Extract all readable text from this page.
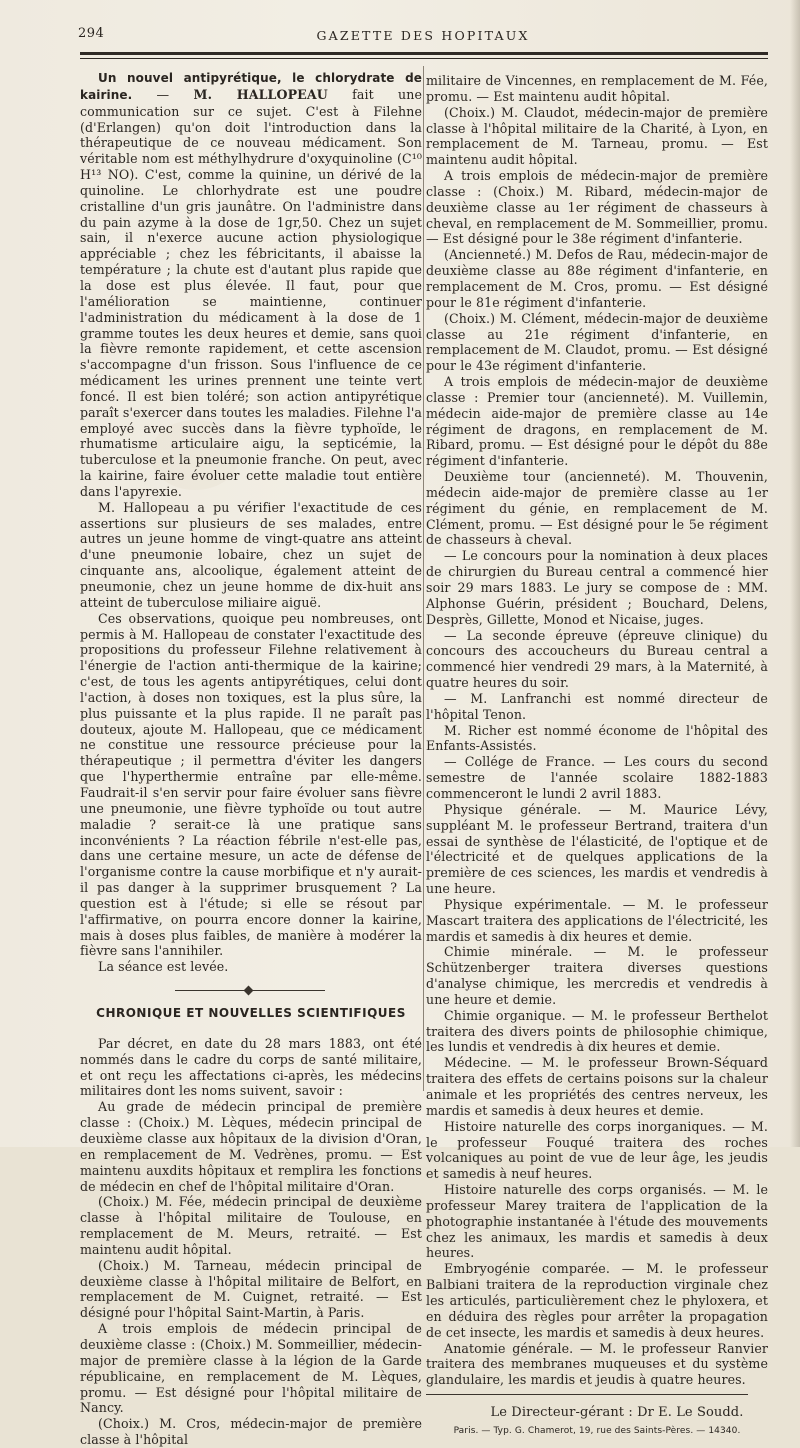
294	GAZETTE DES HOPITAUX

Un nouvel antipyrétique, le chlorydrate de kairine. — M. HALLOPEAU fait une communication sur ce sujet. C'est à Filehne (d'Erlangen) qu'on doit l'introduction dans la thérapeutique de ce nouveau médicament. Son véritable nom est méthylhydrure d'oxyquinoline (C¹⁰ H¹³ NO). C'est, comme la quinine, un dérivé de la quinoline. Le chlorhydrate est une poudre cristalline d'un gris jaunâtre. On l'administre dans du pain azyme à la dose de 1gr,50. Chez un sujet sain, il n'exerce aucune action physiologique appréciable ; chez les fébricitants, il abaisse la température ; la chute est d'autant plus rapide que la dose est plus élevée. Il faut, pour que l'amélioration se maintienne, continuer l'administration du médicament à la dose de 1 gramme toutes les deux heures et demie, sans quoi la fièvre remonte rapidement, et cette ascension s'accompagne d'un frisson. Sous l'influence de ce médicament les urines prennent une teinte vert foncé. Il est bien toléré; son action antipyrétique paraît s'exercer dans toutes les maladies. Filehne l'a employé avec succès dans la fièvre typhoïde, le rhumatisme articulaire aigu, la septicémie, la tuberculose et la pneumonie franche. On peut, avec la kairine, faire évoluer cette maladie tout entière dans l'apyrexie.

M. Hallopeau a pu vérifier l'exactitude de ces assertions sur plusieurs de ses malades, entre autres un jeune homme de vingt-quatre ans atteint d'une pneumonie lobaire, chez un sujet de cinquante ans, alcoolique, également atteint de pneumonie, chez un jeune homme de dix-huit ans atteint de tuberculose miliaire aiguë.

Ces observations, quoique peu nombreuses, ont permis à M. Hallopeau de constater l'exactitude des propositions du professeur Filehne relativement à l'énergie de l'action anti-thermique de la kairine; c'est, de tous les agents antipyrétiques, celui dont l'action, à doses non toxiques, est la plus sûre, la plus puissante et la plus rapide. Il ne paraît pas douteux, ajoute M. Hallopeau, que ce médicament ne constitue une ressource précieuse pour la thérapeutique ; il permettra d'éviter les dangers que l'hyperthermie entraîne par elle-même. Faudrait-il s'en servir pour faire évoluer sans fièvre une pneumonie, une fièvre typhoïde ou tout autre maladie ? serait-ce là une pratique sans inconvénients ? La réaction fébrile n'est-elle pas, dans une certaine mesure, un acte de défense de l'organisme contre la cause morbifique et n'y aurait-il pas danger à la supprimer brusquement ? La question est à l'étude; si elle se résout par l'affirmative, on pourra encore donner la kairine, mais à doses plus faibles, de manière à modérer la fièvre sans l'annihiler.

La séance est levée.

CHRONIQUE ET NOUVELLES SCIENTIFIQUES

Par décret, en date du 28 mars 1883, ont été nommés dans le cadre du corps de santé militaire, et ont reçu les affectations ci-après, les médecins militaires dont les noms suivent, savoir :

Au grade de médecin principal de première classe : (Choix.) M. Lèques, médecin principal de deuxième classe aux hôpitaux de la division d'Oran, en remplacement de M. Vedrènes, promu. — Est maintenu auxdits hôpitaux et remplira les fonctions de médecin en chef de l'hôpital militaire d'Oran.

(Choix.) M. Fée, médecin principal de deuxième classe à l'hôpital militaire de Toulouse, en remplacement de M. Meurs, retraité. — Est maintenu audit hôpital.

(Choix.) M. Tarneau, médecin principal de deuxième classe à l'hôpital militaire de Belfort, en remplacement de M. Cuignet, retraité. — Est désigné pour l'hôpital Saint-Martin, à Paris.

A trois emplois de médecin principal de deuxième classe : (Choix.) M. Sommeillier, médecin-major de première classe à la légion de la Garde républicaine, en remplacement de M. Lèques, promu. — Est désigné pour l'hôpital militaire de Nancy.

(Choix.) M. Cros, médecin-major de première classe à l'hôpital

militaire de Vincennes, en remplacement de M. Fée, promu. — Est maintenu audit hôpital.

(Choix.) M. Claudot, médecin-major de première classe à l'hôpital militaire de la Charité, à Lyon, en remplacement de M. Tarneau, promu. — Est maintenu audit hôpital.

A trois emplois de médecin-major de première classe : (Choix.) M. Ribard, médecin-major de deuxième classe au 1er régiment de chasseurs à cheval, en remplacement de M. Sommeillier, promu. — Est désigné pour le 38e régiment d'infanterie.

(Ancienneté.) M. Defos de Rau, médecin-major de deuxième classe au 88e régiment d'infanterie, en remplacement de M. Cros, promu. — Est désigné pour le 81e régiment d'infanterie.

(Choix.) M. Clément, médecin-major de deuxième classe au 21e régiment d'infanterie, en remplacement de M. Claudot, promu. — Est désigné pour le 43e régiment d'infanterie.

A trois emplois de médecin-major de deuxième classe : Premier tour (ancienneté). M. Vuillemin, médecin aide-major de première classe au 14e régiment de dragons, en remplacement de M. Ribard, promu. — Est désigné pour le dépôt du 88e régiment d'infanterie.

Deuxième tour (ancienneté). M. Thouvenin, médecin aide-major de première classe au 1er régiment du génie, en remplacement de M. Clément, promu. — Est désigné pour le 5e régiment de chasseurs à cheval.

— Le concours pour la nomination à deux places de chirurgien du Bureau central a commencé hier soir 29 mars 1883. Le jury se compose de : MM. Alphonse Guérin, président ; Bouchard, Delens, Desprès, Gillette, Monod et Nicaise, juges.

— La seconde épreuve (épreuve clinique) du concours des accoucheurs du Bureau central a commencé hier vendredi 29 mars, à la Maternité, à quatre heures du soir.

— M. Lanfranchi est nommé directeur de l'hôpital Tenon.

M. Richer est nommé économe de l'hôpital des Enfants-Assistés.

— Collége de France. — Les cours du second semestre de l'année scolaire 1882-1883 commenceront le lundi 2 avril 1883.

Physique générale. — M. Maurice Lévy, suppléant M. le professeur Bertrand, traitera d'un essai de synthèse de l'élasticité, de l'optique et de l'électricité et de quelques applications de la première de ces sciences, les mardis et vendredis à une heure.

Physique expérimentale. — M. le professeur Mascart traitera des applications de l'électricité, les mardis et samedis à dix heures et demie.

Chimie minérale. — M. le professeur Schützenberger traitera diverses questions d'analyse chimique, les mercredis et vendredis à une heure et demie.

Chimie organique. — M. le professeur Berthelot traitera des divers points de philosophie chimique, les lundis et vendredis à dix heures et demie.

Médecine. — M. le professeur Brown-Séquard traitera des effets de certains poisons sur la chaleur animale et les propriétés des centres nerveux, les mardis et samedis à deux heures et demie.

Histoire naturelle des corps inorganiques. — M. le professeur Fouqué traitera des roches volcaniques au point de vue de leur âge, les jeudis et samedis à neuf heures.

Histoire naturelle des corps organisés. — M. le professeur Marey traitera de l'application de la photographie instantanée à l'étude des mouvements chez les animaux, les mardis et samedis à deux heures.

Embryogénie comparée. — M. le professeur Balbiani traitera de la reproduction virginale chez les articulés, particulièrement chez le phyloxera, et en déduira des règles pour arrêter la propagation de cet insecte, les mardis et samedis à deux heures.

Anatomie générale. — M. le professeur Ranvier traitera des membranes muqueuses et du système glandulaire, les mardis et jeudis à quatre heures.

Le Directeur-gérant : Dr E. Le Soudd.
Paris. — Typ. G. Chamerot, 19, rue des Saints-Pères. — 14340.
